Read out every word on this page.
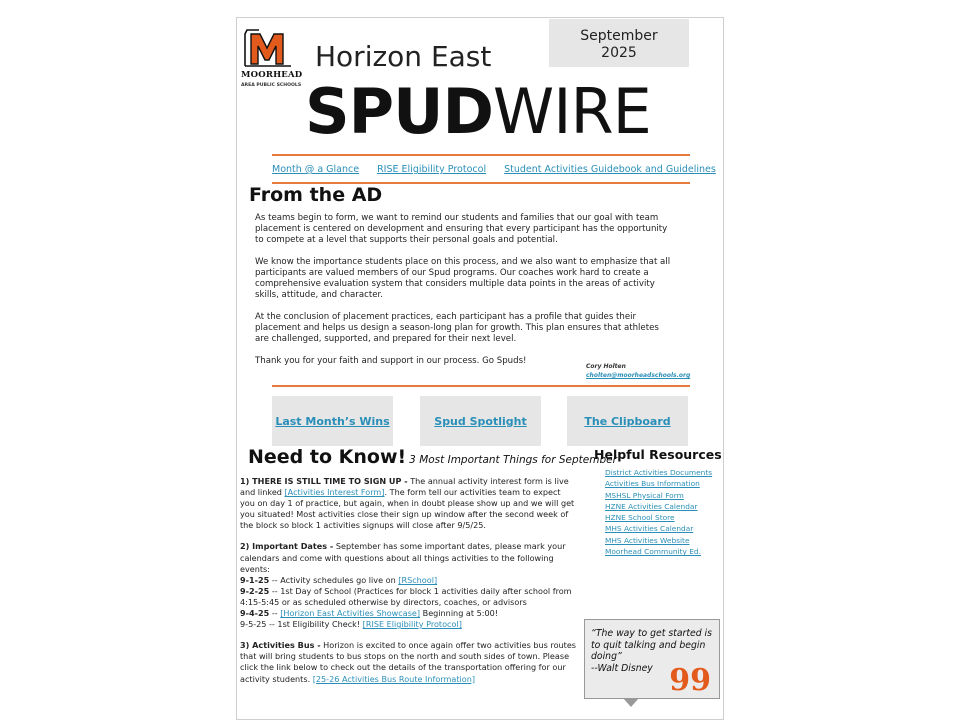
MOORHEAD
AREA PUBLIC SCHOOLS
Horizon East
September
2025
SPUDWIRE
Month @ a Glance RISE Eligibility Protocol Student Activities Guidebook and Guidelines
From the AD

As teams begin to form, we want to remind our students and families that our goal with team placement is centered on development and ensuring that every participant has the opportunity to compete at a level that supports their personal goals and potential.

We know the importance students place on this process, and we also want to emphasize that all participants are valued members of our Spud programs. Our coaches work hard to create a comprehensive evaluation system that considers multiple data points in the areas of activity skills, attitude, and character.

At the conclusion of placement practices, each participant has a profile that guides their placement and helps us design a season-long plan for growth. This plan ensures that athletes are challenged, supported, and prepared for their next level.

Thank you for your faith and support in our process. Go Spuds!

Cory Holten
cholten@moorheadschools.org
Last Month’s Wins	Spud Spotlight	The Clipboard
Need to Know! 3 Most Important Things for September

1) THERE IS STILL TIME TO SIGN UP - The annual activity interest form is live and linked [Activities Interest Form]. The form tell our activities team to expect you on day 1 of practice, but again, when in doubt please show up and we will get you situated! Most activities close their sign up window after the second week of the block so block 1 activities signups will close after 9/5/25.

2) Important Dates - September has some important dates, please mark your calendars and come with questions about all things activities to the following events:

9-1-25 -- Activity schedules go live on [RSchool]

9-2-25 -- 1st Day of School (Practices for block 1 activities daily after school from 4:15-5:45 or as scheduled otherwise by directors, coaches, or advisors

9-4-25 -- [Horizon East Activities Showcase] Beginning at 5:00!

9-5-25 -- 1st Eligibility Check! [RISE Eligibility Protocol]

3) Activities Bus - Horizon is excited to once again offer two activities bus routes that will bring students to bus stops on the north and south sides of town. Please click the link below to check out the details of the transportation offering for our activity students. [25-26 Activities Bus Route Information]

Helpful Resources
District Activities Documents
Activities Bus Information
MSHSL Physical Form
HZNE Activities Calendar
HZNE School Store
MHS Activities Calendar
MHS Activities Website
Moorhead Community Ed.
“The way to get started is to quit talking and begin doing”
--Walt Disney 99
